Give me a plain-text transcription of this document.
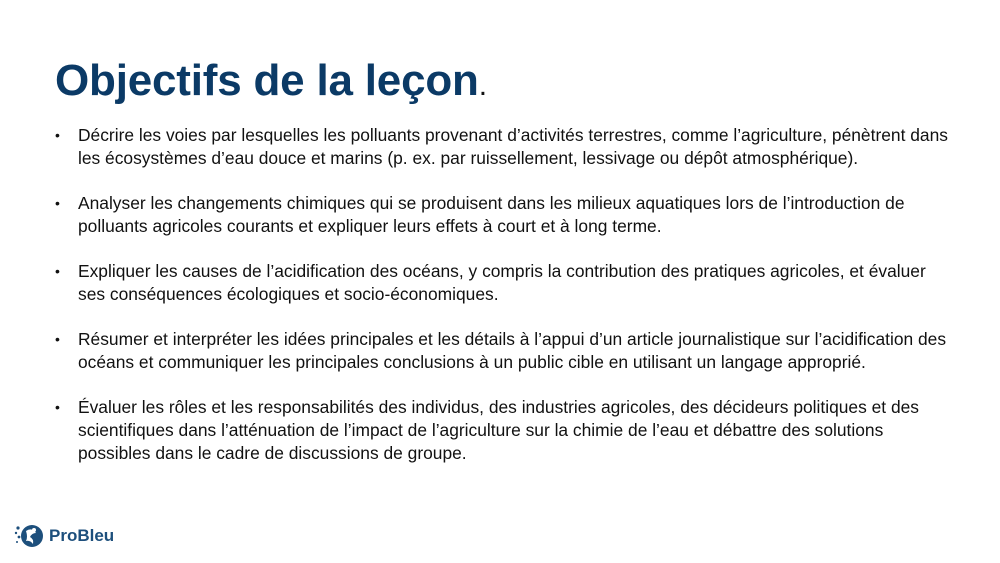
Objectifs de la leçon.
• Décrire les voies par lesquelles les polluants provenant d’activités terrestres, comme l’agriculture, pénètrent dans les écosystèmes d’eau douce et marins (p. ex. par ruissellement, lessivage ou dépôt atmosphérique).
• Analyser les changements chimiques qui se produisent dans les milieux aquatiques lors de l’introduction de polluants agricoles courants et expliquer leurs effets à court et à long terme.
• Expliquer les causes de l’acidification des océans, y compris la contribution des pratiques agricoles, et évaluer ses conséquences écologiques et socio-économiques.
• Résumer et interpréter les idées principales et les détails à l’appui d’un article journalistique sur l’acidification des océans et communiquer les principales conclusions à un public cible en utilisant un langage approprié.
• Évaluer les rôles et les responsabilités des individus, des industries agricoles, des décideurs politiques et des scientifiques dans l’atténuation de l’impact de l’agriculture sur la chimie de l’eau et débattre des solutions possibles dans le cadre de discussions de groupe.
ProBleu
